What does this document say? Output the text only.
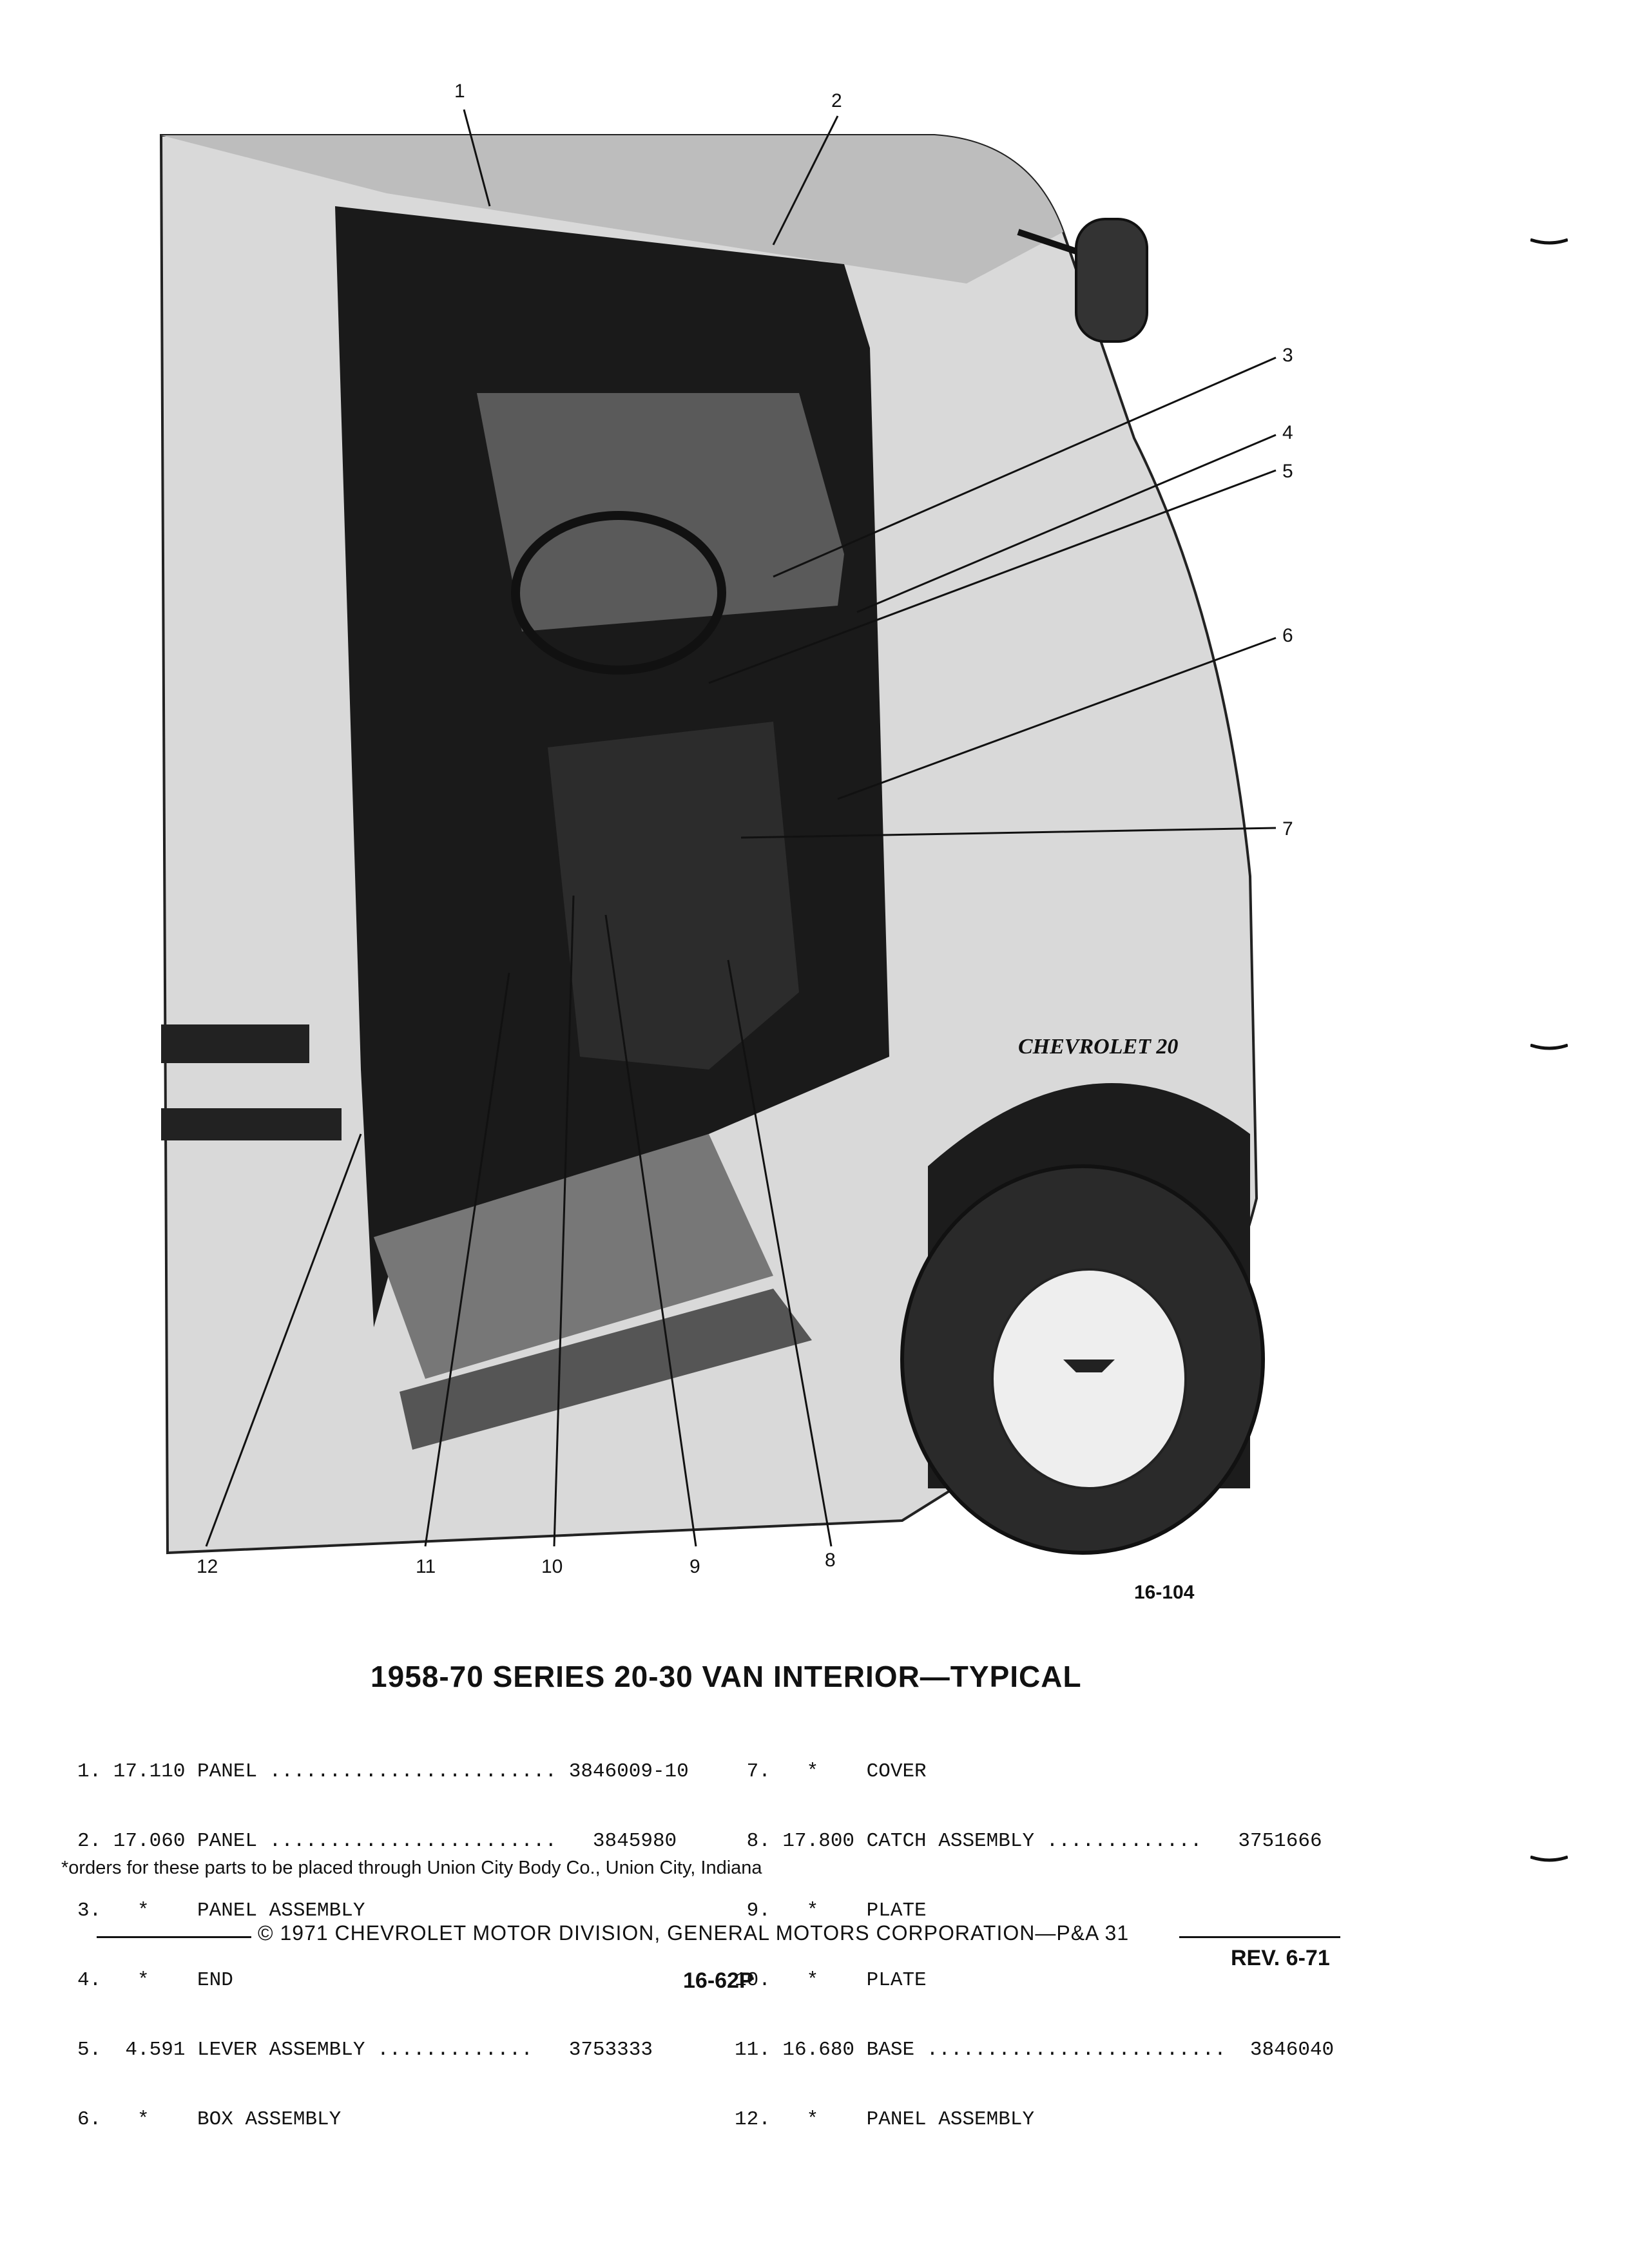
CHEVROLET 20
1	2
3
4
5
6
7
8
9
10
11
12
16-104
1958-70 SERIES 20-30 VAN INTERIOR—TYPICAL

1. 17.110 PANEL ........................ 3846009-10

2. 17.060 PANEL ........................   3845980

3.   *    PANEL ASSEMBLY

4.   *    END

5.  4.591 LEVER ASSEMBLY .............   3753333

6.   *    BOX ASSEMBLY

7.   *    COVER

8. 17.800 CATCH ASSEMBLY .............   3751666

9.   *    PLATE

10.   *    PLATE

11. 16.680 BASE .........................  3846040

12.   *    PANEL ASSEMBLY

*orders for these parts to be placed through Union City Body Co., Union City, Indiana
© 1971 CHEVROLET MOTOR DIVISION, GENERAL MOTORS CORPORATION—P&A 31
REV. 6-71
16-62P
